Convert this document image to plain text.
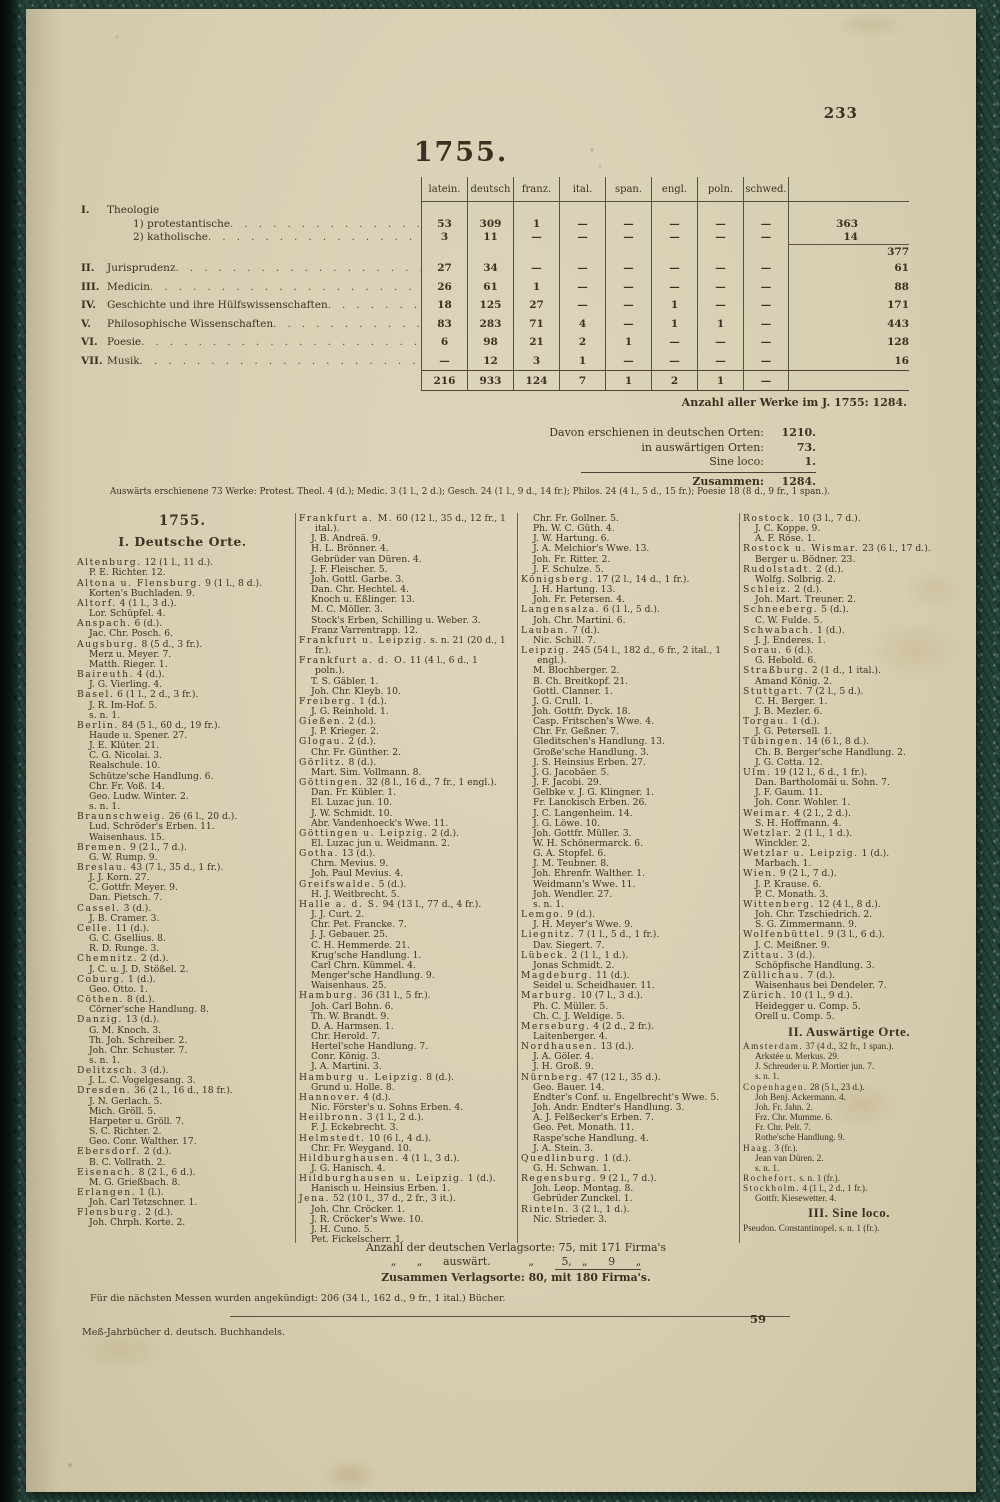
233
1755.
latein.	deutsch	franz.	ital.	span.	engl.	poln.	schwed.
I.	Theologie
1) protestantische . . .	53	309	1	—	—	—	—	—	363
2) katholische . . .	3	11	—	—	—	—	—	—	14
377
II.	Jurisprudenz . . .	27	34	—	—	—	—	—	—	61
III. Medicin . . .	26	61	1	—	—	—	—	—	88
IV.	Geschichte und ihre Hülfswissenschaften . . .	18	125	27	—	—	1	—	—	171
V.	Philosophische Wissenschaften . . .	83	283	71	4	—	1	1	—	443
VI. Poesie . . .	6	98	21	2	1	—	—	—	128
VII. Musik . . .	—	12	3	1	—	—	—	—	16
216	933	124	7	1	2	1	—
Anzahl aller Werke im J. 1755: 1284.
Davon erschienen in deutschen Orten:	1210.
in auswärtigen Orten:	73.
Sine loco:	1.
Zusammen:	1284.
Auswärts erschienene 73 Werke: Protest. Theol. 4 (d.); Medic. 3 (1 l., 2 d.); Gesch. 24 (1 l., 9 d., 14 fr.); Philos. 24 (4 l., 5 d., 15 fr.); Poesie 18 (8 d., 9 fr., 1 span.).
1755.
I. Deutsche Orte.
Altenburg. 12 (1 l., 11 d.).
P. E. Richter. 12.
Altona u. Flensburg. 9 (1 l., 8 d.).
Korten's Buchladen. 9.
Altorf. 4 (1 l., 3 d.).
Lor. Schüpfel. 4.
Anspach. 6 (d.).
Jac. Chr. Posch. 6.
Augsburg. 8 (5 d., 3 fr.).
Merz u. Meyer. 7.
Matth. Rieger. 1.
Baireuth. 4 (d.).
J. G. Vierling. 4.
Basel. 6 (1 l., 2 d., 3 fr.).
J. R. Im-Hof. 5.
s. n. 1.
Berlin. 84 (5 l., 60 d., 19 fr.).
Haude u. Spener. 27.
J. E. Klüter. 21.
C. G. Nicolai. 3.
Realschule. 10.
Schütze'sche Handlung. 6.
Chr. Fr. Voß. 14.
Geo. Ludw. Winter. 2.
s. n. 1.
Braunschweig. 26 (6 l., 20 d.).
Lud. Schröder's Erben. 11.
Waisenhaus. 15.
Bremen. 9 (2 l., 7 d.).
G. W. Rump. 9.
Breslau. 43 (7 l., 35 d., 1 fr.).
J. J. Korn. 27.
C. Gottfr. Meyer. 9.
Dan. Pietsch. 7.
Cassel. 3 (d.).
J. B. Cramer. 3.
Celle. 11 (d.).
G. C. Gsellius. 8.
R. D. Runge. 3.
Chemnitz. 2 (d.).
J. C. u. J. D. Stößel. 2.
Coburg. 1 (d.).
Geo. Otto. 1.
Cöthen. 8 (d.).
Cörner'sche Handlung. 8.
Danzig. 13 (d.).
G. M. Knoch. 3.
Th. Joh. Schreiber. 2.
Joh. Chr. Schuster. 7.
s. n. 1.
Delitzsch. 3 (d.).
J. L. C. Vogelgesang. 3.
Dresden. 36 (2 l., 16 d., 18 fr.).
J. N. Gerlach. 5.
Mich. Gröll. 5.
Harpeter u. Gröll. 7.
S. C. Richter. 2.
Geo. Conr. Walther. 17.
Ebersdorf. 2 (d.).
B. C. Vollrath. 2.
Eisenach. 8 (2 l., 6 d.).
M. G. Grießbach. 8.
Erlangen. 1 (l.).
Joh. Carl Tetzschner. 1.
Flensburg. 2 (d.).
Joh. Chrph. Korte. 2.
Frankfurt a. M. 60 (12 l., 35 d., 12 fr., 1 ital.).
J. B. Andreä. 9.
H. L. Brönner. 4.
Gebrüder van Düren. 4.
J. F. Fleischer. 5.
Joh. Gottl. Garbe. 3.
Dan. Chr. Hechtel. 4.
Knoch u. Eßlinger. 13.
M. C. Möller. 3.
Stock's Erben, Schilling u. Weber. 3.
Franz Varrentrapp. 12.
Frankfurt u. Leipzig. s. n. 21 (20 d., 1 fr.).
Frankfurt a. d. O. 11 (4 l., 6 d., 1 poln.).
T. S. Gäbler. 1.
Joh. Chr. Kleyb. 10.
Freiberg. 1 (d.).
J. G. Reinhold. 1.
Gießen. 2 (d.).
J. P. Krieger. 2.
Glogau. 2 (d.).
Chr. Fr. Günther. 2.
Görlitz. 8 (d.).
Mart. Sim. Vollmann. 8.
Göttingen. 32 (8 l., 16 d., 7 fr., 1 engl.).
Dan. Fr. Kübler. 1.
El. Luzac jun. 10.
J. W. Schmidt. 10.
Abr. Vandenhoeck's Wwe. 11.
Göttingen u. Leipzig. 2 (d.).
El. Luzac jun u. Weidmann. 2.
Gotha. 13 (d.).
Chrn. Mevius. 9.
Joh. Paul Mevius. 4.
Greifswalde. 5 (d.).
H. J. Weitbrecht. 5.
Halle a. d. S. 94 (13 l., 77 d., 4 fr.).
J. J. Curt. 2.
Chr. Pet. Francke. 7.
J. J. Gebauer. 25.
C. H. Hemmerde. 21.
Krug'sche Handlung. 1.
Carl Chrn. Kümmel. 4.
Menger'sche Handlung. 9.
Waisenhaus. 25.
Hamburg. 36 (31 l., 5 fr.).
Joh. Carl Bohn. 6.
Th. W. Brandt. 9.
D. A. Harmsen. 1.
Chr. Herold. 7.
Hertel'sche Handlung. 7.
Conr. König. 3.
J. A. Martini. 3.
Hamburg u. Leipzig. 8 (d.).
Grund u. Holle. 8.
Hannover. 4 (d.).
Nic. Förster's u. Sohns Erben. 4.
Heilbronn. 3 (1 l., 2 d.).
F. J. Eckebrecht. 3.
Helmstedt. 10 (6 l., 4 d.).
Chr. Fr. Weygand. 10.
Hildburghausen. 4 (1 l., 3 d.).
J. G. Hanisch. 4.
Hildburghausen u. Leipzig. 1 (d.).
Hanisch u. Heinsius Erben. 1.
Jena. 52 (10 l., 37 d., 2 fr., 3 it.).
Joh. Chr. Cröcker. 1.
J. R. Cröcker's Wwe. 10.
J. H. Cuno. 5.
Pet. Fickelscherr. 1.
Chr. Fr. Gollner. 5.
Ph. W. C. Güth. 4.
J. W. Hartung. 6.
J. A. Melchior's Wwe. 13.
Joh. Fr. Ritter. 2.
J. F. Schulze. 5.
Königsberg. 17 (2 l., 14 d., 1 fr.).
J. H. Hartung. 13.
Joh. Fr. Petersen. 4.
Langensalza. 6 (1 l., 5 d.).
Joh. Chr. Martini. 6.
Lauban. 7 (d.).
Nic. Schill. 7.
Leipzig. 245 (54 l., 182 d., 6 fr., 2 ital., 1 engl.).
M. Blochberger. 2.
B. Ch. Breitkopf. 21.
Gottl. Clanner. 1.
J. G. Crull. 1.
Joh. Gottfr. Dyck. 18.
Casp. Fritschen's Wwe. 4.
Chr. Fr. Geßner. 7.
Gleditschen's Handlung. 13.
Große'sche Handlung. 3.
J. S. Heinsius Erben. 27.
J. G. Jacobäer. 5.
J. F. Jacobi. 29.
Gelbke v. J. G. Klingner. 1.
Fr. Lanckisch Erben. 26.
J. C. Langenheim. 14.
J. G. Löwe. 10.
Joh. Gottfr. Müller. 3.
W. H. Schönermarck. 6.
G. A. Stopfel. 6.
J. M. Teubner. 8.
Joh. Ehrenfr. Walther. 1.
Weidmann's Wwe. 11.
Joh. Wendler. 27.
s. n. 1.
Lemgo. 9 (d.).
J. H. Meyer's Wwe. 9.
Liegnitz. 7 (1 l., 5 d., 1 fr.).
Dav. Siegert. 7.
Lübeck. 2 (1 l., 1 d.).
Jonas Schmidt. 2.
Magdeburg. 11 (d.).
Seidel u. Scheidhauer. 11.
Marburg. 10 (7 l., 3 d.).
Ph. C. Müller. 5.
Ch. C. J. Weldige. 5.
Merseburg. 4 (2 d., 2 fr.).
Laitenberger. 4.
Nordhausen. 13 (d.).
J. A. Göler. 4.
J. H. Groß. 9.
Nürnberg. 47 (12 l., 35 d.).
Geo. Bauer. 14.
Endter's Conf. u. Engelbrecht's Wwe. 5.
Joh. Andr. Endter's Handlung. 3.
A. J. Felßecker's Erben. 7.
Geo. Pet. Monath. 11.
Raspe'sche Handlung. 4.
J. A. Stein. 3.
Quedlinburg. 1 (d.).
G. H. Schwan. 1.
Regensburg. 9 (2 l., 7 d.).
Joh. Leop. Montag. 8.
Gebrüder Zunckel. 1.
Rinteln. 3 (2 l., 1 d.).
Nic. Strieder. 3.
Rostock. 10 (3 l., 7 d.).
J. C. Koppe. 9.
A. F. Röse. 1.
Rostock u. Wismar. 23 (6 l., 17 d.).
Berger u. Bödner. 23.
Rudolstadt. 2 (d.).
Wolfg. Solbrig. 2.
Schleiz. 2 (d.).
Joh. Mart. Treuner. 2.
Schneeberg. 5 (d.).
C. W. Fulde. 5.
Schwabach. 1 (d.).
J. J. Enderes. 1.
Sorau. 6 (d.).
G. Hebold. 6.
Straßburg. 2 (1 d., 1 ital.).
Amand König. 2.
Stuttgart. 7 (2 l., 5 d.).
C. H. Berger. 1.
J. B. Mezler. 6.
Torgau. 1 (d.).
J. G. Petersell. 1.
Tübingen. 14 (6 l., 8 d.).
Ch. B. Berger'sche Handlung. 2.
J. G. Cotta. 12.
Ulm. 19 (12 l., 6 d., 1 fr.).
Dan. Bartholomäi u. Sohn. 7.
J. F. Gaum. 11.
Joh. Conr. Wohler. 1.
Weimar. 4 (2 l., 2 d.).
S. H. Hoffmann. 4.
Wetzlar. 2 (1 l., 1 d.).
Winckler. 2.
Wetzlar u. Leipzig. 1 (d.).
Marbach. 1.
Wien. 9 (2 l., 7 d.).
J. P. Krause. 6.
P. C. Monath. 3.
Wittenberg. 12 (4 l., 8 d.).
Joh. Chr. Tzschiedrich. 2.
S. G. Zimmermann. 9.
Wolfenbüttel. 9 (3 l., 6 d.).
J. C. Meißner. 9.
Zittau. 3 (d.).
Schöpfische Handlung. 3.
Züllichau. 7 (d.).
Waisenhaus bei Dendeler. 7.
Zürich. 10 (1 l., 9 d.).
Heidegger u. Comp. 5.
Orell u. Comp. 5.
II. Auswärtige Orte.
Amsterdam. 37 (4 d., 32 fr., 1 span.).
Arkstée u. Merkus. 29.
J. Schreuder u. P. Mortier jun. 7.
s. n. 1.
Copenhagen. 28 (5 l., 23 d.).
Joh Benj. Ackermann. 4.
Joh. Fr. Jahn. 2.
Frz. Chr. Mumme. 6.
Fr. Chr. Pelt. 7.
Rothe'sche Handlung. 9.
Haag. 3 (fr.).
Jean van Düren. 2.
s. n. 1.
Rochefort. s. n. 1 (fr.).
Stockholm. 4 (1 l., 2 d., 1 fr.).
Gottfr. Kiesewetter. 4.
III. Sine loco.
Pseudon. Constantinopel. s. n. 1 (fr.).
Anzahl der deutschen Verlagsorte: 75, mit 171 Firma's
„      „      auswärt.           „        5,   „      9      „
Zusammen Verlagsorte: 80, mit 180 Firma's.
Für die nächsten Messen wurden angekündigt: 206 (34 l., 162 d., 9 fr., 1 ital.) Bücher.
59
Meß-Jahrbücher d. deutsch. Buchhandels.
